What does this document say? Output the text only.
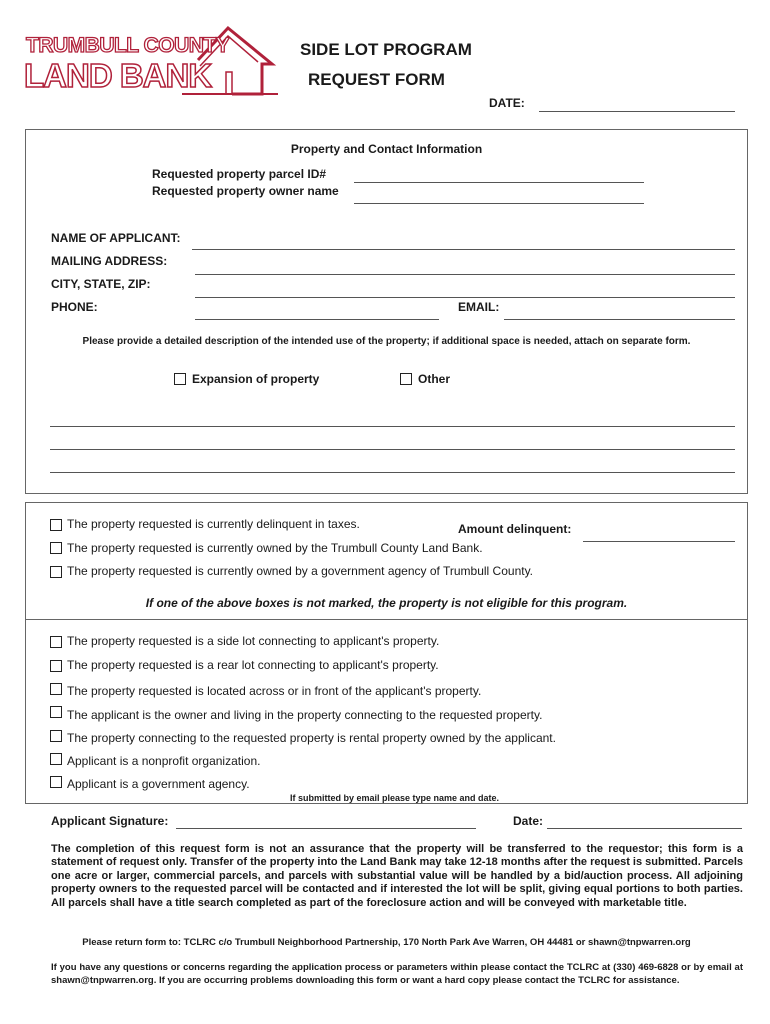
TRUMBULL COUNTY
LAND BANK
SIDE LOT PROGRAM
REQUEST FORM
DATE:
Property and Contact Information
Requested property parcel ID#
Requested property owner name
NAME OF APPLICANT:
MAILING ADDRESS:
CITY, STATE, ZIP:
PHONE:	EMAIL:
Please provide a detailed description of the intended use of the property; if additional space is needed, attach on separate form.
Expansion of property	Other
The property requested is currently delinquent in taxes.	Amount delinquent:
The property requested is currently owned by the Trumbull County Land Bank.
The property requested is currently owned by a government agency of Trumbull County.
If one of the above boxes is not marked, the property is not eligible for this program.
The property requested is a side lot connecting to applicant's property.
The property requested is a rear lot connecting to applicant's property.
The property requested is located across or in front of the applicant's property.
The applicant is the owner and living in the property connecting to the requested property.
The property connecting to the requested property is rental property owned by the applicant.
Applicant is a nonprofit organization.
Applicant is a government agency.
If submitted by email please type name and date.
Applicant Signature:	Date:
The completion of this request form is not an assurance that the property will be transferred to the requestor; this form is a statement of request only. Transfer of the property into the Land Bank may take 12-18 months after the request is submitted. Parcels one acre or larger, commercial parcels, and parcels with substantial value will be handled by a bid/auction process. All adjoining property owners to the requested parcel will be contacted and if interested the lot will be split, giving equal portions to both parties. All parcels shall have a title search completed as part of the foreclosure action and will be conveyed with marketable title.
Please return form to: TCLRC c/o Trumbull Neighborhood Partnership, 170 North Park Ave Warren, OH 44481 or shawn@tnpwarren.org
If you have any questions or concerns regarding the application process or parameters within please contact the TCLRC at (330) 469-6828 or by email at shawn@tnpwarren.org. If you are occurring problems downloading this form or want a hard copy please contact the TCLRC for assistance.
